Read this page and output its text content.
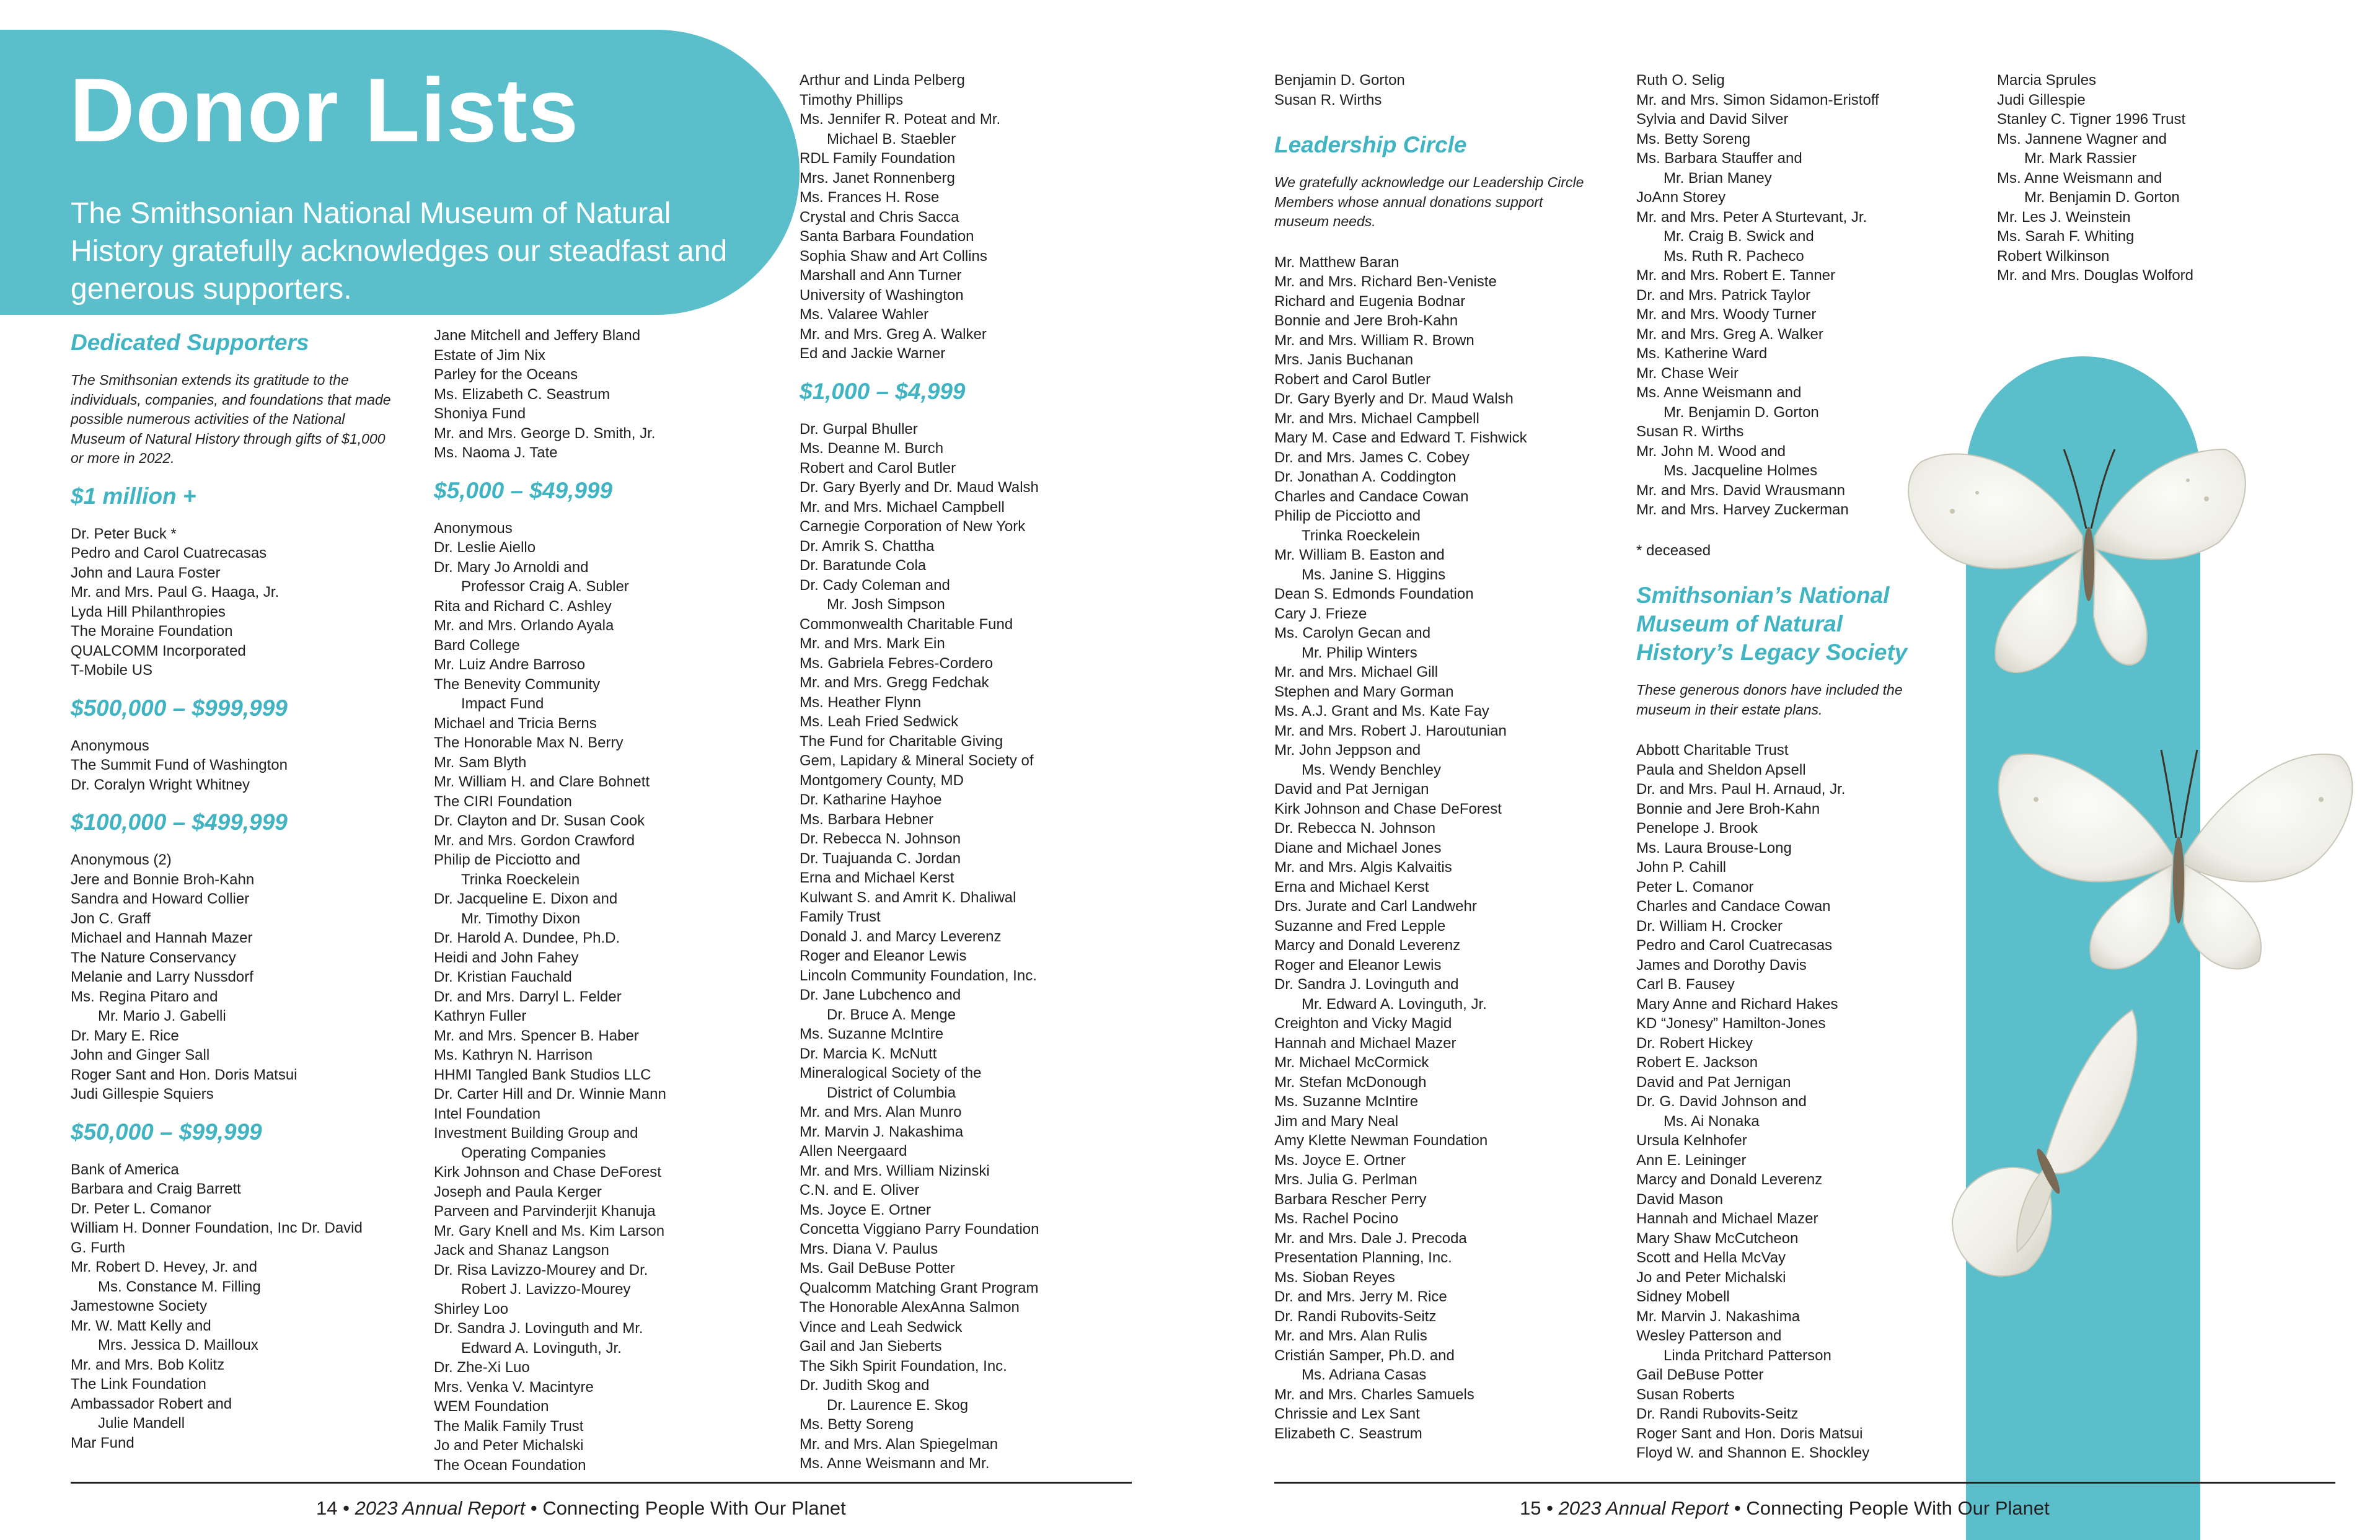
Donor Lists

The Smithsonian National Museum of Natural History gratefully acknowledges our steadfast and generous supporters.

Dedicated Supporters

The Smithsonian extends its gratitude to the individuals, companies, and foundations that made possible numerous activities of the National Museum of Natural History through gifts of $1,000 or more in 2022.

$1 million +
Dr. Peter Buck *
Pedro and Carol Cuatrecasas
John and Laura Foster
Mr. and Mrs. Paul G. Haaga, Jr.
Lyda Hill Philanthropies
The Moraine Foundation
QUALCOMM Incorporated
T-Mobile US
$500,000 – $999,999
Anonymous
The Summit Fund of Washington
Dr. Coralyn Wright Whitney
$100,000 – $499,999
Anonymous (2)
Jere and Bonnie Broh-Kahn
Sandra and Howard Collier
Jon C. Graff
Michael and Hannah Mazer
The Nature Conservancy
Melanie and Larry Nussdorf
Ms. Regina Pitaro and
Mr. Mario J. Gabelli
Dr. Mary E. Rice
John and Ginger Sall
Roger Sant and Hon. Doris Matsui
Judi Gillespie Squiers
$50,000 – $99,999
Bank of America
Barbara and Craig Barrett
Dr. Peter L. Comanor
William H. Donner Foundation, Inc Dr. David
G. Furth
Mr. Robert D. Hevey, Jr. and
Ms. Constance M. Filling
Jamestowne Society
Mr. W. Matt Kelly and
Mrs. Jessica D. Mailloux
Mr. and Mrs. Bob Kolitz
The Link Foundation
Ambassador Robert and
Julie Mandell
Mar Fund
Jane Mitchell and Jeffery Bland
Estate of Jim Nix
Parley for the Oceans
Ms. Elizabeth C. Seastrum
Shoniya Fund
Mr. and Mrs. George D. Smith, Jr.
Ms. Naoma J. Tate
$5,000 – $49,999
Anonymous
Dr. Leslie Aiello
Dr. Mary Jo Arnoldi and
Professor Craig A. Subler
Rita and Richard C. Ashley
Mr. and Mrs. Orlando Ayala
Bard College
Mr. Luiz Andre Barroso
The Benevity Community
Impact Fund
Michael and Tricia Berns
The Honorable Max N. Berry
Mr. Sam Blyth
Mr. William H. and Clare Bohnett
The CIRI Foundation
Dr. Clayton and Dr. Susan Cook
Mr. and Mrs. Gordon Crawford
Philip de Picciotto and
Trinka Roeckelein
Dr. Jacqueline E. Dixon and
Mr. Timothy Dixon
Dr. Harold A. Dundee, Ph.D.
Heidi and John Fahey
Dr. Kristian Fauchald
Dr. and Mrs. Darryl L. Felder
Kathryn Fuller
Mr. and Mrs. Spencer B. Haber
Ms. Kathryn N. Harrison
HHMI Tangled Bank Studios LLC
Dr. Carter Hill and Dr. Winnie Mann
Intel Foundation
Investment Building Group and
Operating Companies
Kirk Johnson and Chase DeForest
Joseph and Paula Kerger
Parveen and Parvinderjit Khanuja
Mr. Gary Knell and Ms. Kim Larson
Jack and Shanaz Langson
Dr. Risa Lavizzo-Mourey and Dr.
Robert J. Lavizzo-Mourey
Shirley Loo
Dr. Sandra J. Lovinguth and Mr.
Edward A. Lovinguth, Jr.
Dr. Zhe-Xi Luo
Mrs. Venka V. Macintyre
WEM Foundation
The Malik Family Trust
Jo and Peter Michalski
The Ocean Foundation
Arthur and Linda Pelberg
Timothy Phillips
Ms. Jennifer R. Poteat and Mr.
Michael B. Staebler
RDL Family Foundation
Mrs. Janet Ronnenberg
Ms. Frances H. Rose
Crystal and Chris Sacca
Santa Barbara Foundation
Sophia Shaw and Art Collins
Marshall and Ann Turner
University of Washington
Ms. Valaree Wahler
Mr. and Mrs. Greg A. Walker
Ed and Jackie Warner
$1,000 – $4,999
Dr. Gurpal Bhuller
Ms. Deanne M. Burch
Robert and Carol Butler
Dr. Gary Byerly and Dr. Maud Walsh
Mr. and Mrs. Michael Campbell
Carnegie Corporation of New York
Dr. Amrik S. Chattha
Dr. Baratunde Cola
Dr. Cady Coleman and
Mr. Josh Simpson
Commonwealth Charitable Fund
Mr. and Mrs. Mark Ein
Ms. Gabriela Febres-Cordero
Mr. and Mrs. Gregg Fedchak
Ms. Heather Flynn
Ms. Leah Fried Sedwick
The Fund for Charitable Giving
Gem, Lapidary & Mineral Society of
Montgomery County, MD
Dr. Katharine Hayhoe
Ms. Barbara Hebner
Dr. Rebecca N. Johnson
Dr. Tuajuanda C. Jordan
Erna and Michael Kerst
Kulwant S. and Amrit K. Dhaliwal
Family Trust
Donald J. and Marcy Leverenz
Roger and Eleanor Lewis
Lincoln Community Foundation, Inc.
Dr. Jane Lubchenco and
Dr. Bruce A. Menge
Ms. Suzanne McIntire
Dr. Marcia K. McNutt
Mineralogical Society of the
District of Columbia
Mr. and Mrs. Alan Munro
Mr. Marvin J. Nakashima
Allen Neergaard
Mr. and Mrs. William Nizinski
C.N. and E. Oliver
Ms. Joyce E. Ortner
Concetta Viggiano Parry Foundation
Mrs. Diana V. Paulus
Ms. Gail DeBuse Potter
Qualcomm Matching Grant Program
The Honorable AlexAnna Salmon
Vince and Leah Sedwick
Gail and Jan Sieberts
The Sikh Spirit Foundation, Inc.
Dr. Judith Skog and
Dr. Laurence E. Skog
Ms. Betty Soreng
Mr. and Mrs. Alan Spiegelman
Ms. Anne Weismann and Mr.
14 • 2023 Annual Report • Connecting People With Our Planet
Benjamin D. Gorton
Susan R. Wirths
Leadership Circle

We gratefully acknowledge our Leadership Circle Members whose annual donations support museum needs.

Mr. Matthew Baran
Mr. and Mrs. Richard Ben-Veniste
Richard and Eugenia Bodnar
Bonnie and Jere Broh-Kahn
Mr. and Mrs. William R. Brown
Mrs. Janis Buchanan
Robert and Carol Butler
Dr. Gary Byerly and Dr. Maud Walsh
Mr. and Mrs. Michael Campbell
Mary M. Case and Edward T. Fishwick
Dr. and Mrs. James C. Cobey
Dr. Jonathan A. Coddington
Charles and Candace Cowan
Philip de Picciotto and
Trinka Roeckelein
Mr. William B. Easton and
Ms. Janine S. Higgins
Dean S. Edmonds Foundation
Cary J. Frieze
Ms. Carolyn Gecan and
Mr. Philip Winters
Mr. and Mrs. Michael Gill
Stephen and Mary Gorman
Ms. A.J. Grant and Ms. Kate Fay
Mr. and Mrs. Robert J. Haroutunian
Mr. John Jeppson and
Ms. Wendy Benchley
David and Pat Jernigan
Kirk Johnson and Chase DeForest
Dr. Rebecca N. Johnson
Diane and Michael Jones
Mr. and Mrs. Algis Kalvaitis
Erna and Michael Kerst
Drs. Jurate and Carl Landwehr
Suzanne and Fred Lepple
Marcy and Donald Leverenz
Roger and Eleanor Lewis
Dr. Sandra J. Lovinguth and
Mr. Edward A. Lovinguth, Jr.
Creighton and Vicky Magid
Hannah and Michael Mazer
Mr. Michael McCormick
Mr. Stefan McDonough
Ms. Suzanne McIntire
Jim and Mary Neal
Amy Klette Newman Foundation
Ms. Joyce E. Ortner
Mrs. Julia G. Perlman
Barbara Rescher Perry
Ms. Rachel Pocino
Mr. and Mrs. Dale J. Precoda
Presentation Planning, Inc.
Ms. Sioban Reyes
Dr. and Mrs. Jerry M. Rice
Dr. Randi Rubovits-Seitz
Mr. and Mrs. Alan Rulis
Cristián Samper, Ph.D. and
Ms. Adriana Casas
Mr. and Mrs. Charles Samuels
Chrissie and Lex Sant
Elizabeth C. Seastrum
Ruth O. Selig
Mr. and Mrs. Simon Sidamon-Eristoff
Sylvia and David Silver
Ms. Betty Soreng
Ms. Barbara Stauffer and
Mr. Brian Maney
JoAnn Storey
Mr. and Mrs. Peter A Sturtevant, Jr.
Mr. Craig B. Swick and
Ms. Ruth R. Pacheco
Mr. and Mrs. Robert E. Tanner
Dr. and Mrs. Patrick Taylor
Mr. and Mrs. Woody Turner
Mr. and Mrs. Greg A. Walker
Ms. Katherine Ward
Mr. Chase Weir
Ms. Anne Weismann and
Mr. Benjamin D. Gorton
Susan R. Wirths
Mr. John M. Wood and
Ms. Jacqueline Holmes
Mr. and Mrs. David Wrausmann
Mr. and Mrs. Harvey Zuckerman

* deceased

Smithsonian’s National
Museum of Natural
History’s Legacy Society

These generous donors have included the museum in their estate plans.

Abbott Charitable Trust
Paula and Sheldon Apsell
Dr. and Mrs. Paul H. Arnaud, Jr.
Bonnie and Jere Broh-Kahn
Penelope J. Brook
Ms. Laura Brouse-Long
John P. Cahill
Peter L. Comanor
Charles and Candace Cowan
Dr. William H. Crocker
Pedro and Carol Cuatrecasas
James and Dorothy Davis
Carl B. Fausey
Mary Anne and Richard Hakes
KD “Jonesy” Hamilton-Jones
Dr. Robert Hickey
Robert E. Jackson
David and Pat Jernigan
Dr. G. David Johnson and
Ms. Ai Nonaka
Ursula Kelnhofer
Ann E. Leininger
Marcy and Donald Leverenz
David Mason
Hannah and Michael Mazer
Mary Shaw McCutcheon
Scott and Hella McVay
Jo and Peter Michalski
Sidney Mobell
Mr. Marvin J. Nakashima
Wesley Patterson and
Linda Pritchard Patterson
Gail DeBuse Potter
Susan Roberts
Dr. Randi Rubovits-Seitz
Roger Sant and Hon. Doris Matsui
Floyd W. and Shannon E. Shockley
Marcia Sprules
Judi Gillespie
Stanley C. Tigner 1996 Trust
Ms. Jannene Wagner and
Mr. Mark Rassier
Ms. Anne Weismann and
Mr. Benjamin D. Gorton
Mr. Les J. Weinstein
Ms. Sarah F. Whiting
Robert Wilkinson
Mr. and Mrs. Douglas Wolford
15 • 2023 Annual Report • Connecting People With Our Planet
